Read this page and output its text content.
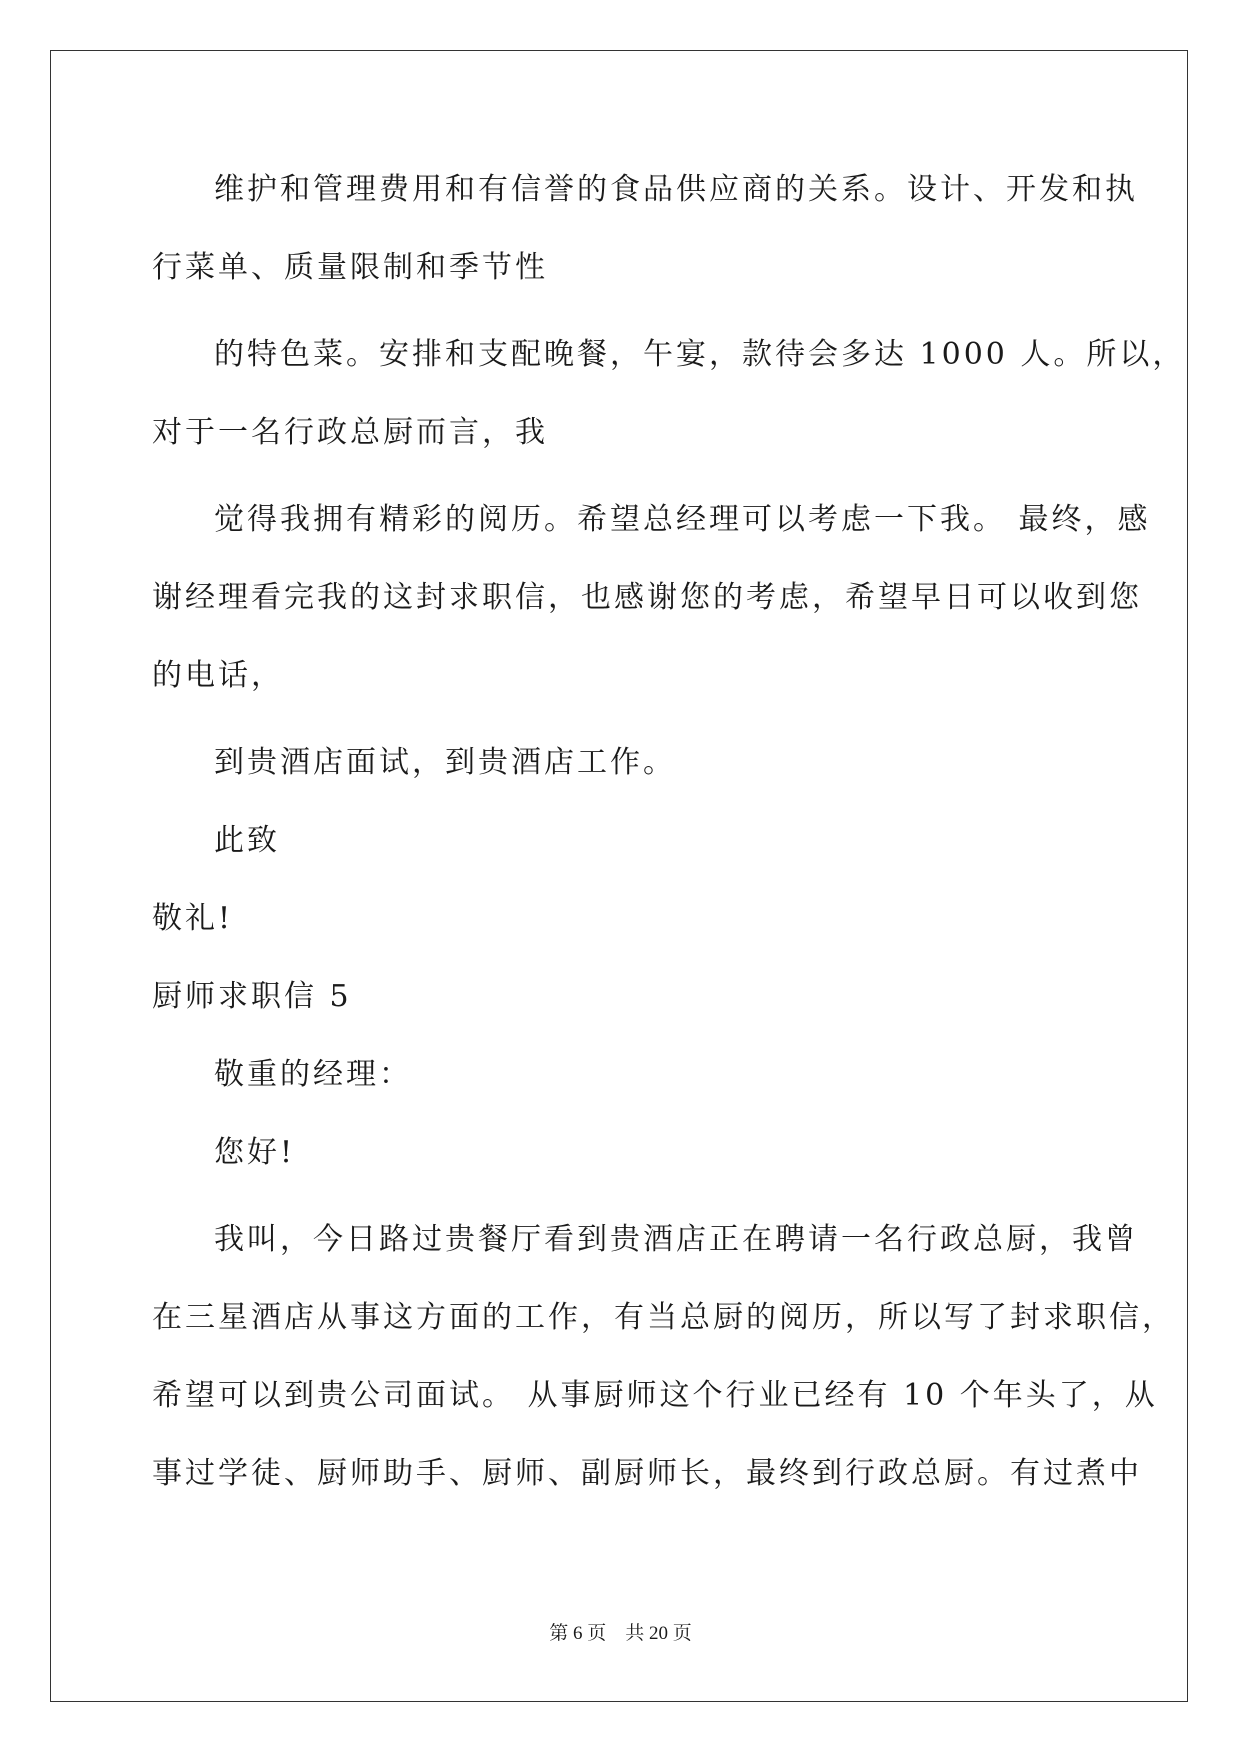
维护和管理费用和有信誉的食品供应商的关系。设计、开发和执
行菜单、质量限制和季节性
的特色菜。安排和支配晚餐，午宴，款待会多达 1000 人。所以，
对于一名行政总厨而言，我
觉得我拥有精彩的阅历。希望总经理可以考虑一下我。 最终，感
谢经理看完我的这封求职信，也感谢您的考虑，希望早日可以收到您
的电话，
到贵酒店面试，到贵酒店工作。
此致
敬礼!
厨师求职信 5
敬重的经理：
您好!
我叫，今日路过贵餐厅看到贵酒店正在聘请一名行政总厨，我曾
在三星酒店从事这方面的工作，有当总厨的阅历，所以写了封求职信，
希望可以到贵公司面试。 从事厨师这个行业已经有 10 个年头了，从
事过学徒、厨师助手、厨师、副厨师长，最终到行政总厨。有过煮中
第 6 页　共 20 页
